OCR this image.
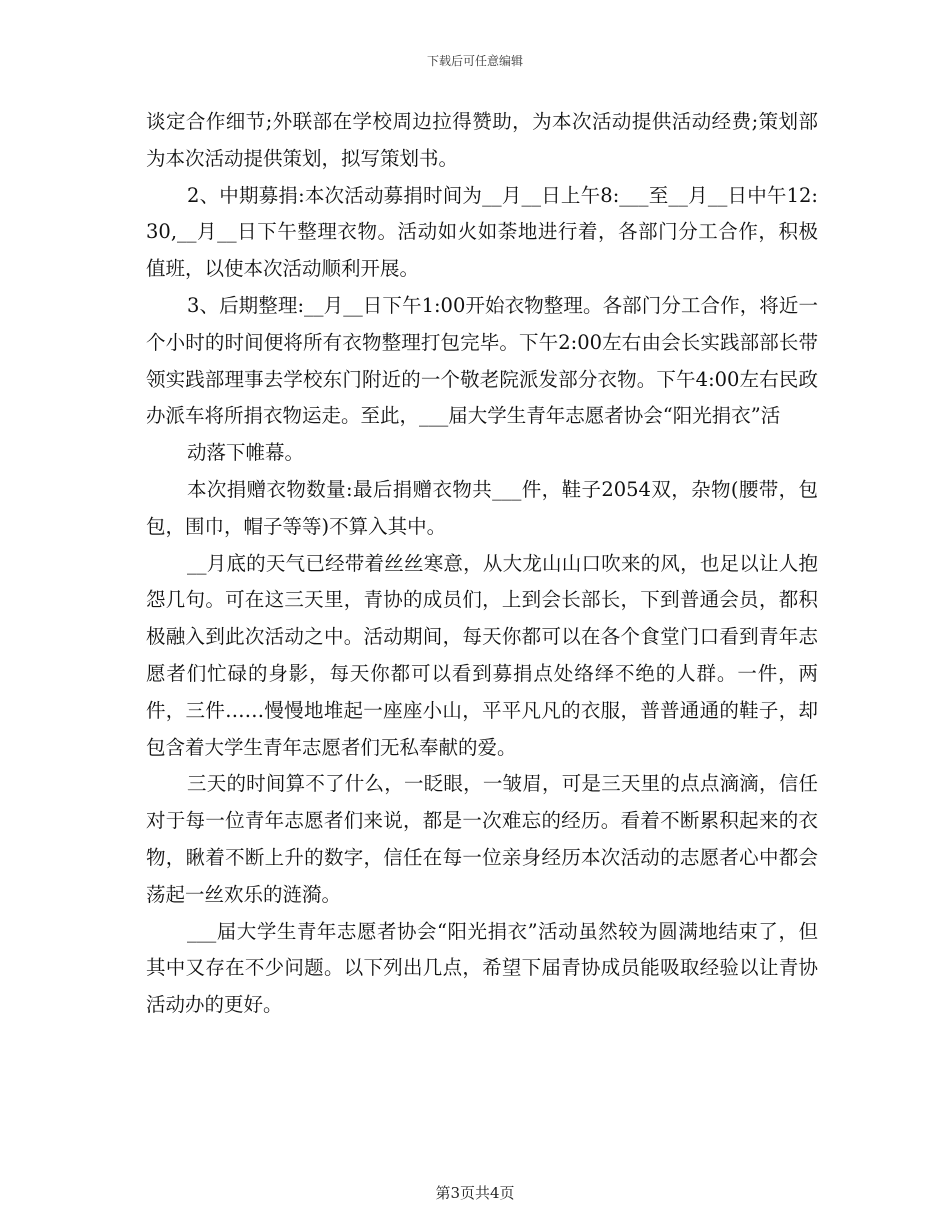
下载后可任意编辑

谈定合作细节;外联部在学校周边拉得赞助，为本次活动提供活动经费;策划部为本次活动提供策划，拟写策划书。

2、中期募捐:本次活动募捐时间为__月__日上午8:___至__月__日中午12:30,__月__日下午整理衣物。活动如火如荼地进行着，各部门分工合作，积极值班，以使本次活动顺利开展。

3、后期整理:__月__日下午1:00开始衣物整理。各部门分工合作，将近一个小时的时间便将所有衣物整理打包完毕。下午2:00左右由会长实践部部长带领实践部理事去学校东门附近的一个敬老院派发部分衣物。下午4:00左右民政办派车将所捐衣物运走。至此，___届大学生青年志愿者协会“阳光捐衣”活

动落下帷幕。

本次捐赠衣物数量:最后捐赠衣物共___件，鞋子2054双，杂物(腰带，包包，围巾，帽子等等)不算入其中。

__月底的天气已经带着丝丝寒意，从大龙山山口吹来的风，也足以让人抱怨几句。可在这三天里，青协的成员们，上到会长部长，下到普通会员，都积极融入到此次活动之中。活动期间，每天你都可以在各个食堂门口看到青年志愿者们忙碌的身影，每天你都可以看到募捐点处络绎不绝的人群。一件，两件，三件……慢慢地堆起一座座小山，平平凡凡的衣服，普普通通的鞋子，却包含着大学生青年志愿者们无私奉献的爱。

三天的时间算不了什么，一眨眼，一皱眉，可是三天里的点点滴滴，信任对于每一位青年志愿者们来说，都是一次难忘的经历。看着不断累积起来的衣物，瞅着不断上升的数字，信任在每一位亲身经历本次活动的志愿者心中都会荡起一丝欢乐的涟漪。

___届大学生青年志愿者协会“阳光捐衣”活动虽然较为圆满地结束了，但其中又存在不少问题。以下列出几点，希望下届青协成员能吸取经验以让青协活动办的更好。

第3页共4页
